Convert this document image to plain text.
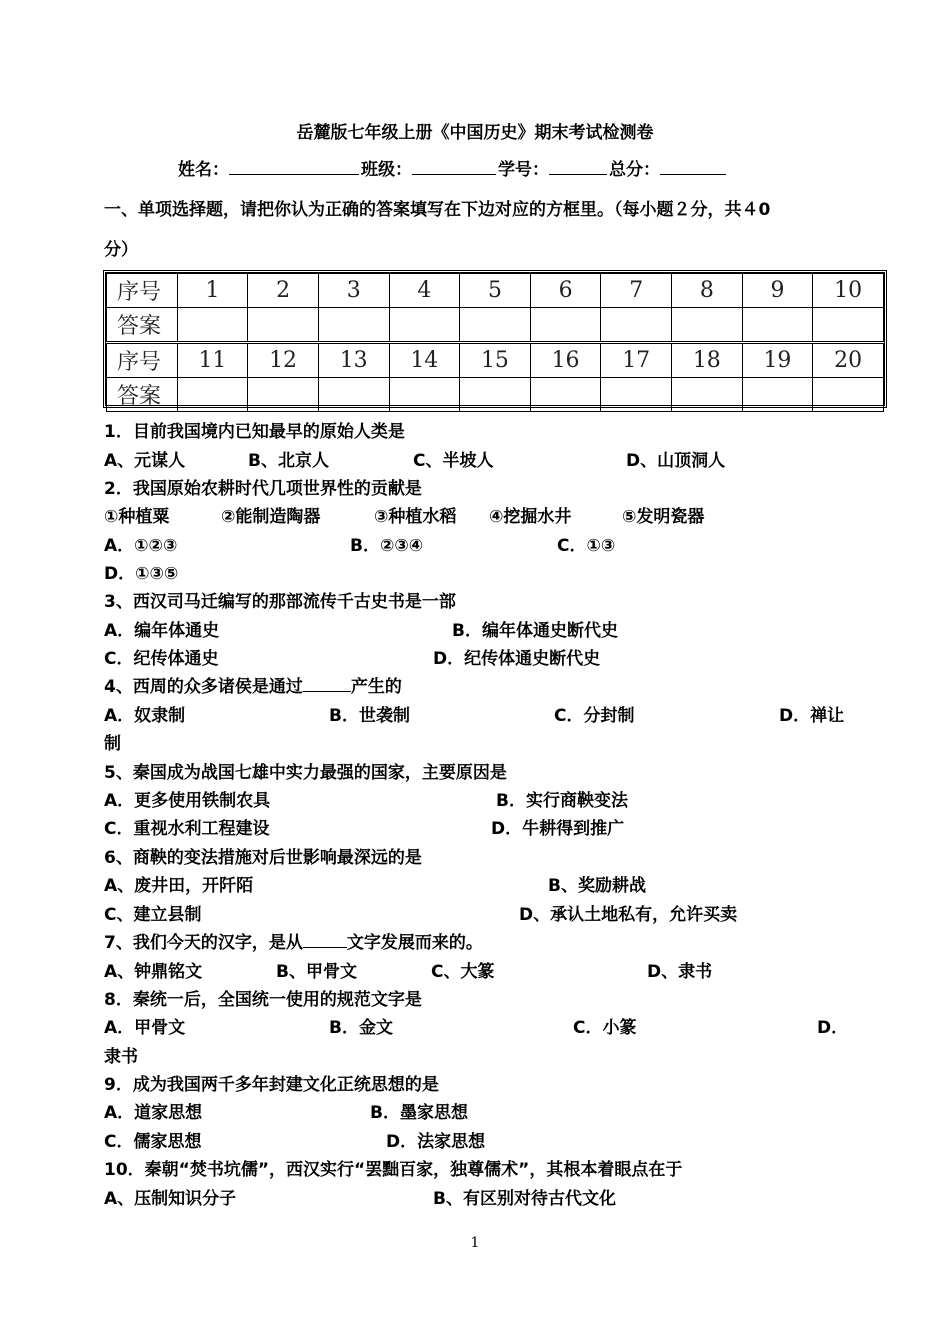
岳麓版七年级上册《中国历史》期末考试检测卷
姓名：	班级：	学号：	总分：
一、单项选择题，请把你认为正确的答案填写在下边对应的方框里。（每小题２分，共４0
分）
序号	1	2	3	4	5	6	7	8	9	10
答案										
序号	11	12	13	14	15	16	17	18	19	20
答案										
1．目前我国境内已知最早的原始人类是
A、元谋人	B、北京人	C、半坡人	D、山顶洞人
2．我国原始农耕时代几项世界性的贡献是
①种植粟	②能制造陶器	③种植水稻 ④挖掘水井	⑤发明瓷器
A．①②③	B．②③④	C．①③
D．①③⑤
3、西汉司马迁编写的那部流传千古史书是一部
A．编年体通史	B．编年体通史断代史
C．纪传体通史	D．纪传体通史断代史
4、西周的众多诸侯是通过	产生的
A．奴隶制	B．世袭制	C．分封制	D．禅让
制
5、秦国成为战国七雄中实力最强的国家，主要原因是
A．更多使用铁制农具	B．实行商鞅变法
C．重视水利工程建设	D．牛耕得到推广
6、商鞅的变法措施对后世影响最深远的是
A、废井田，开阡陌	B、奖励耕战
C、建立县制	D、承认土地私有，允许买卖
7、我们今天的汉字，是从	文字发展而来的。
A、钟鼎铭文	B、甲骨文	C、大篆	D、隶书
8．秦统一后，全国统一使用的规范文字是
A．甲骨文	B．金文	C．小篆	D．
隶书
9．成为我国两千多年封建文化正统思想的是
A．道家思想	B．墨家思想
C．儒家思想	D．法家思想
10．秦朝“焚书坑儒”，西汉实行“罢黜百家，独尊儒术”，其根本着眼点在于
A、压制知识分子	B、有区别对待古代文化
1
